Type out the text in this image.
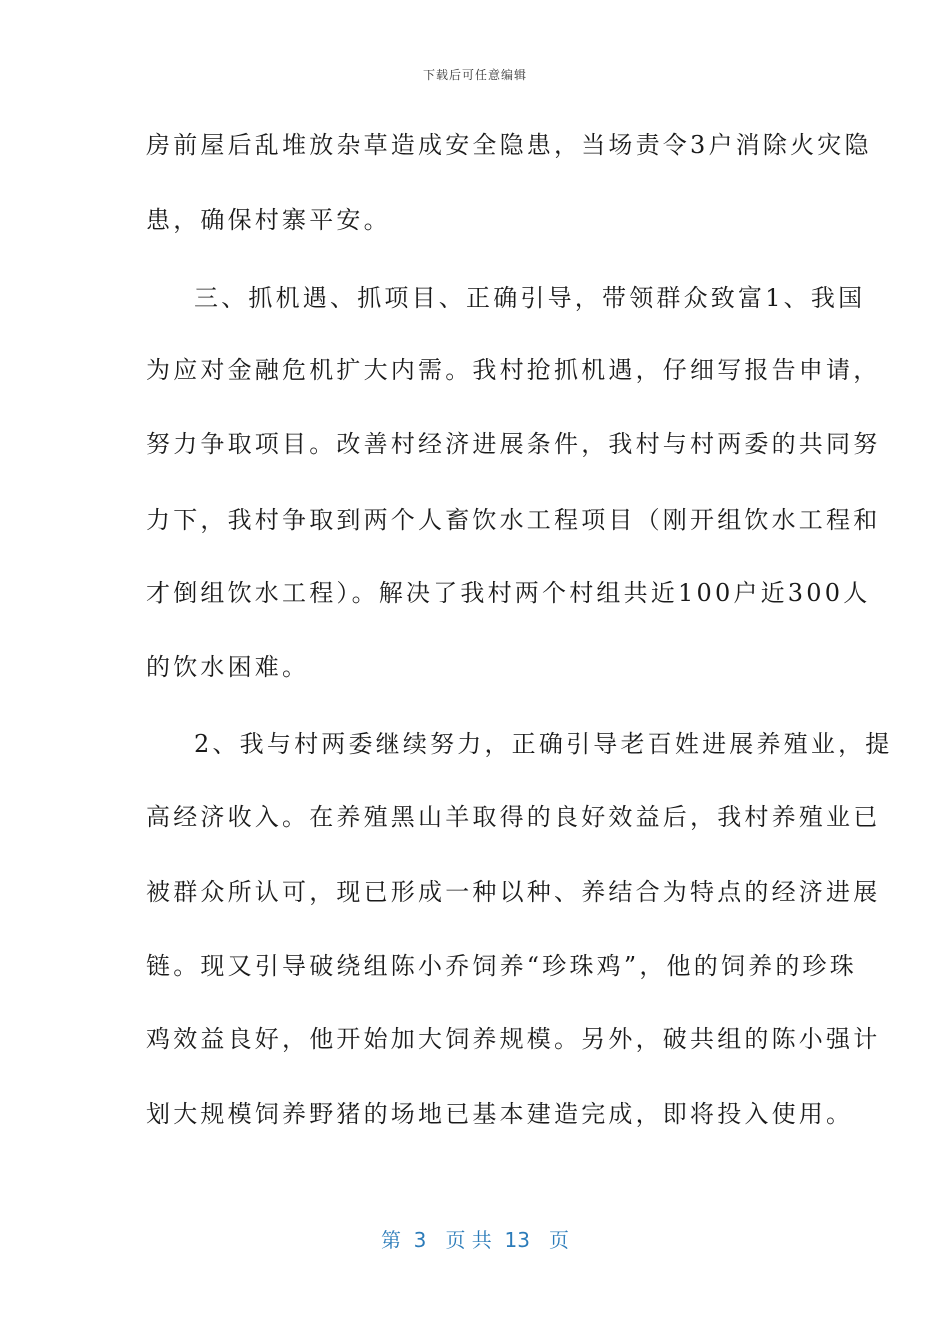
下载后可任意编辑
房前屋后乱堆放杂草造成安全隐患，当场责令3户消除火灾隐
患，确保村寨平安。
三、抓机遇、抓项目、正确引导，带领群众致富1、我国
为应对金融危机扩大内需。我村抢抓机遇，仔细写报告申请，
努力争取项目。改善村经济进展条件，我村与村两委的共同努
力下，我村争取到两个人畜饮水工程项目（刚开组饮水工程和
才倒组饮水工程）。解决了我村两个村组共近100户近300人
的饮水困难。
2、我与村两委继续努力，正确引导老百姓进展养殖业，提
高经济收入。在养殖黑山羊取得的良好效益后，我村养殖业已
被群众所认可，现已形成一种以种、养结合为特点的经济进展
链。现又引导破绕组陈小乔饲养“珍珠鸡”，他的饲养的珍珠
鸡效益良好，他开始加大饲养规模。另外，破共组的陈小强计
划大规模饲养野猪的场地已基本建造完成，即将投入使用。
第  3   页 共  13   页
